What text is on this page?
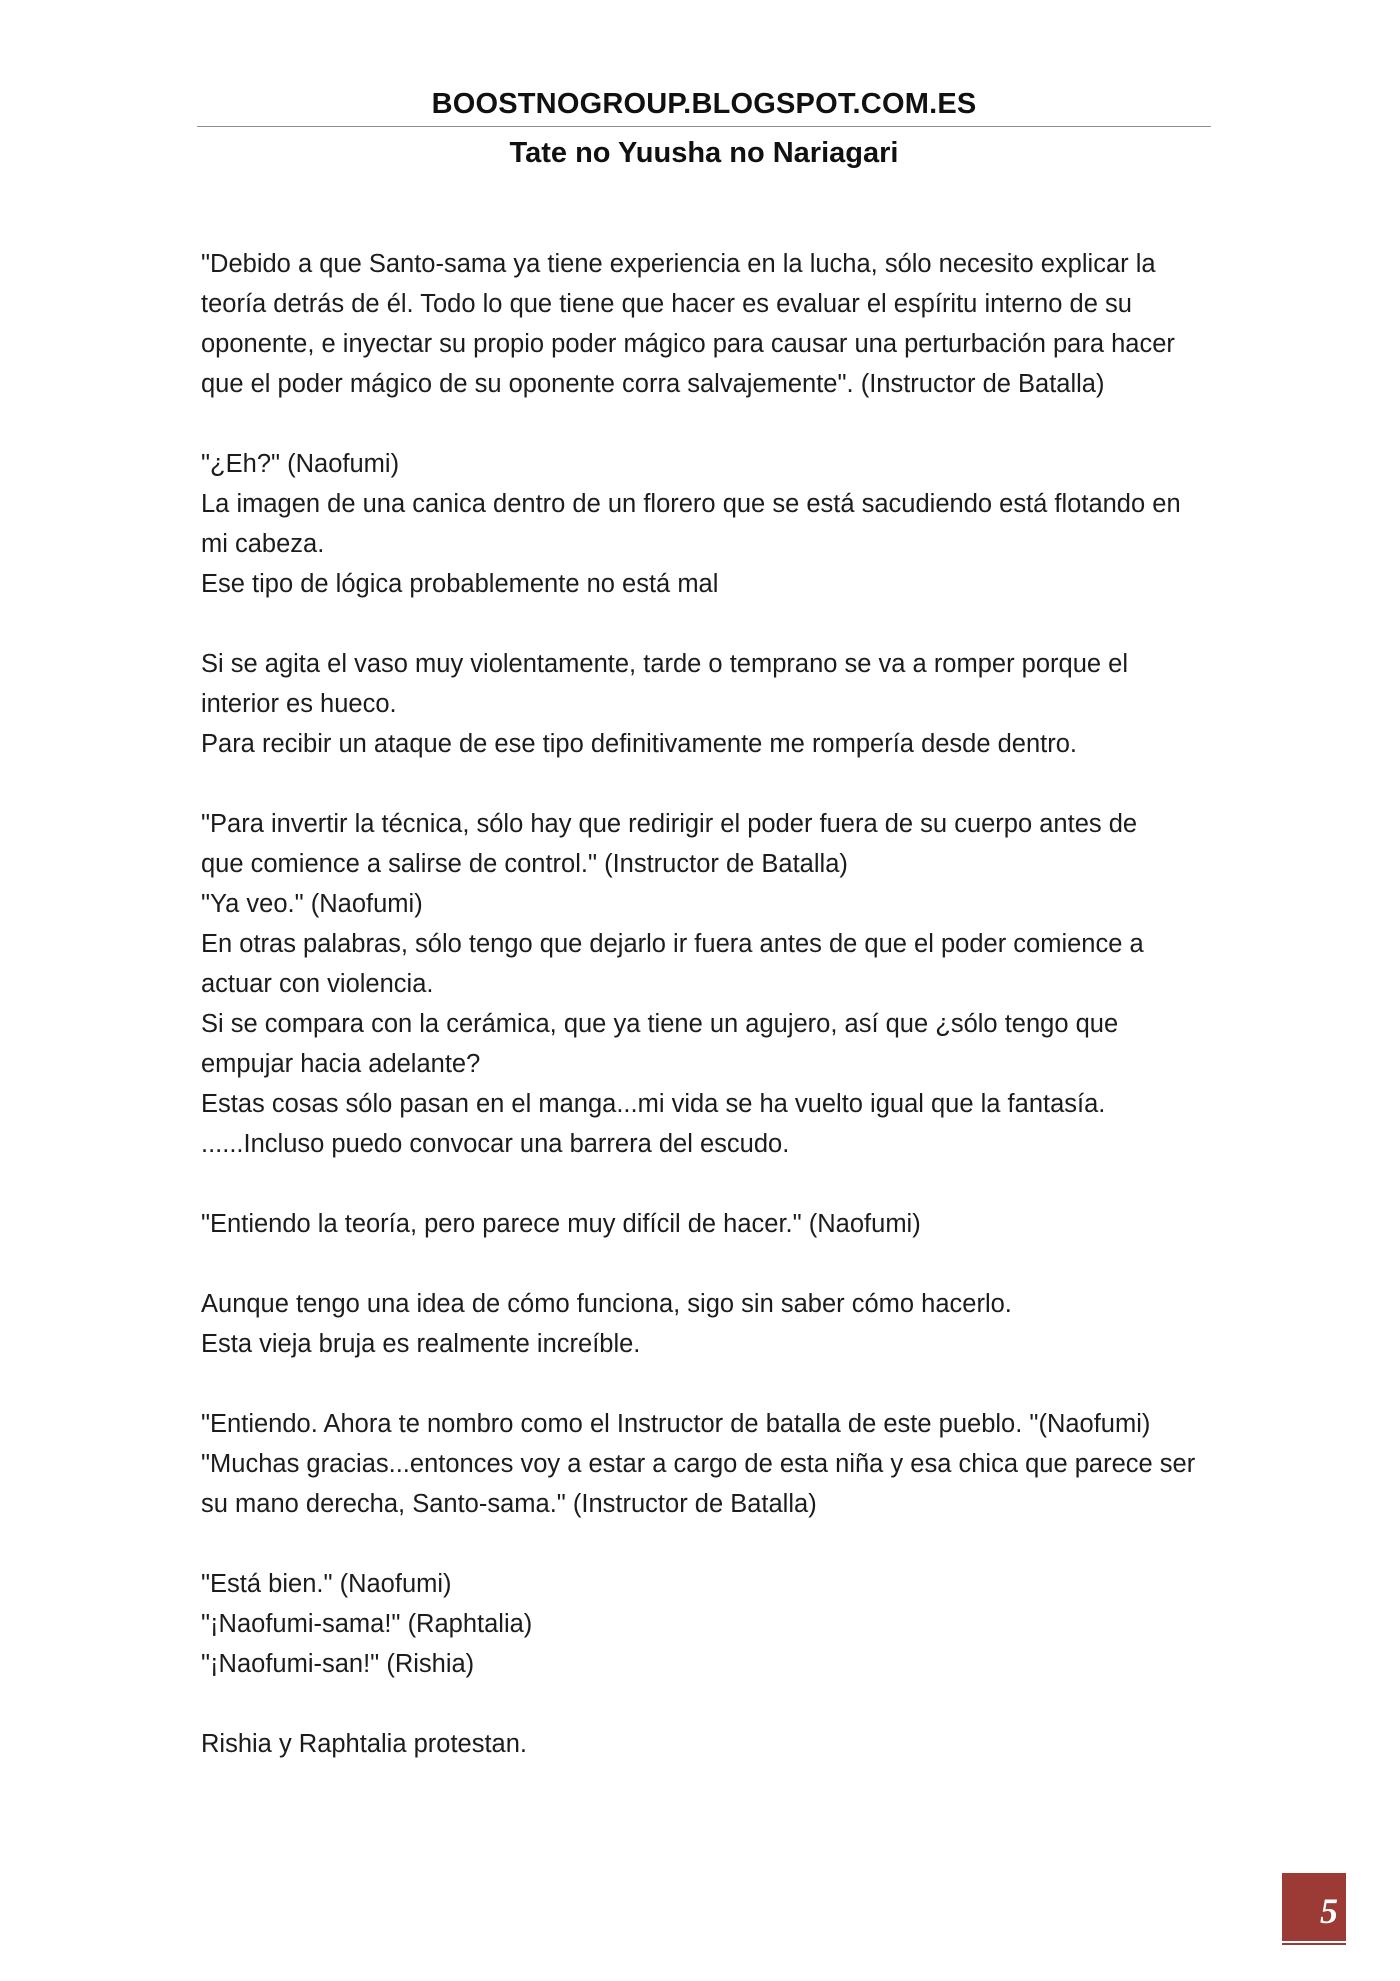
BOOSTNOGROUP.BLOGSPOT.COM.ES
Tate no Yuusha no Nariagari
"Debido a que Santo-sama ya tiene experiencia en la lucha, sólo necesito explicar la
teoría detrás de él. Todo lo que tiene que hacer es evaluar el espíritu interno de su
oponente, e inyectar su propio poder mágico para causar una perturbación para hacer
que el poder mágico de su oponente corra salvajemente". (Instructor de Batalla)
"¿Eh?" (Naofumi)
La imagen de una canica dentro de un florero que se está sacudiendo está flotando en
mi cabeza.
Ese tipo de lógica probablemente no está mal
Si se agita el vaso muy violentamente, tarde o temprano se va a romper porque el
interior es hueco.
Para recibir un ataque de ese tipo definitivamente me rompería desde dentro.
"Para invertir la técnica, sólo hay que redirigir el poder fuera de su cuerpo antes de
que comience a salirse de control." (Instructor de Batalla)
"Ya veo." (Naofumi)
En otras palabras, sólo tengo que dejarlo ir fuera antes de que el poder comience a
actuar con violencia.
Si se compara con la cerámica, que ya tiene un agujero, así que ¿sólo tengo que
empujar hacia adelante?
Estas cosas sólo pasan en el manga...mi vida se ha vuelto igual que la fantasía.
......Incluso puedo convocar una barrera del escudo.
"Entiendo la teoría, pero parece muy difícil de hacer." (Naofumi)
Aunque tengo una idea de cómo funciona, sigo sin saber cómo hacerlo.
Esta vieja bruja es realmente increíble.
"Entiendo. Ahora te nombro como el Instructor de batalla de este pueblo. "(Naofumi)
"Muchas gracias...entonces voy a estar a cargo de esta niña y esa chica que parece ser
su mano derecha, Santo-sama." (Instructor de Batalla)
"Está bien." (Naofumi)
"¡Naofumi-sama!" (Raphtalia)
"¡Naofumi-san!" (Rishia)
Rishia y Raphtalia protestan.
5
